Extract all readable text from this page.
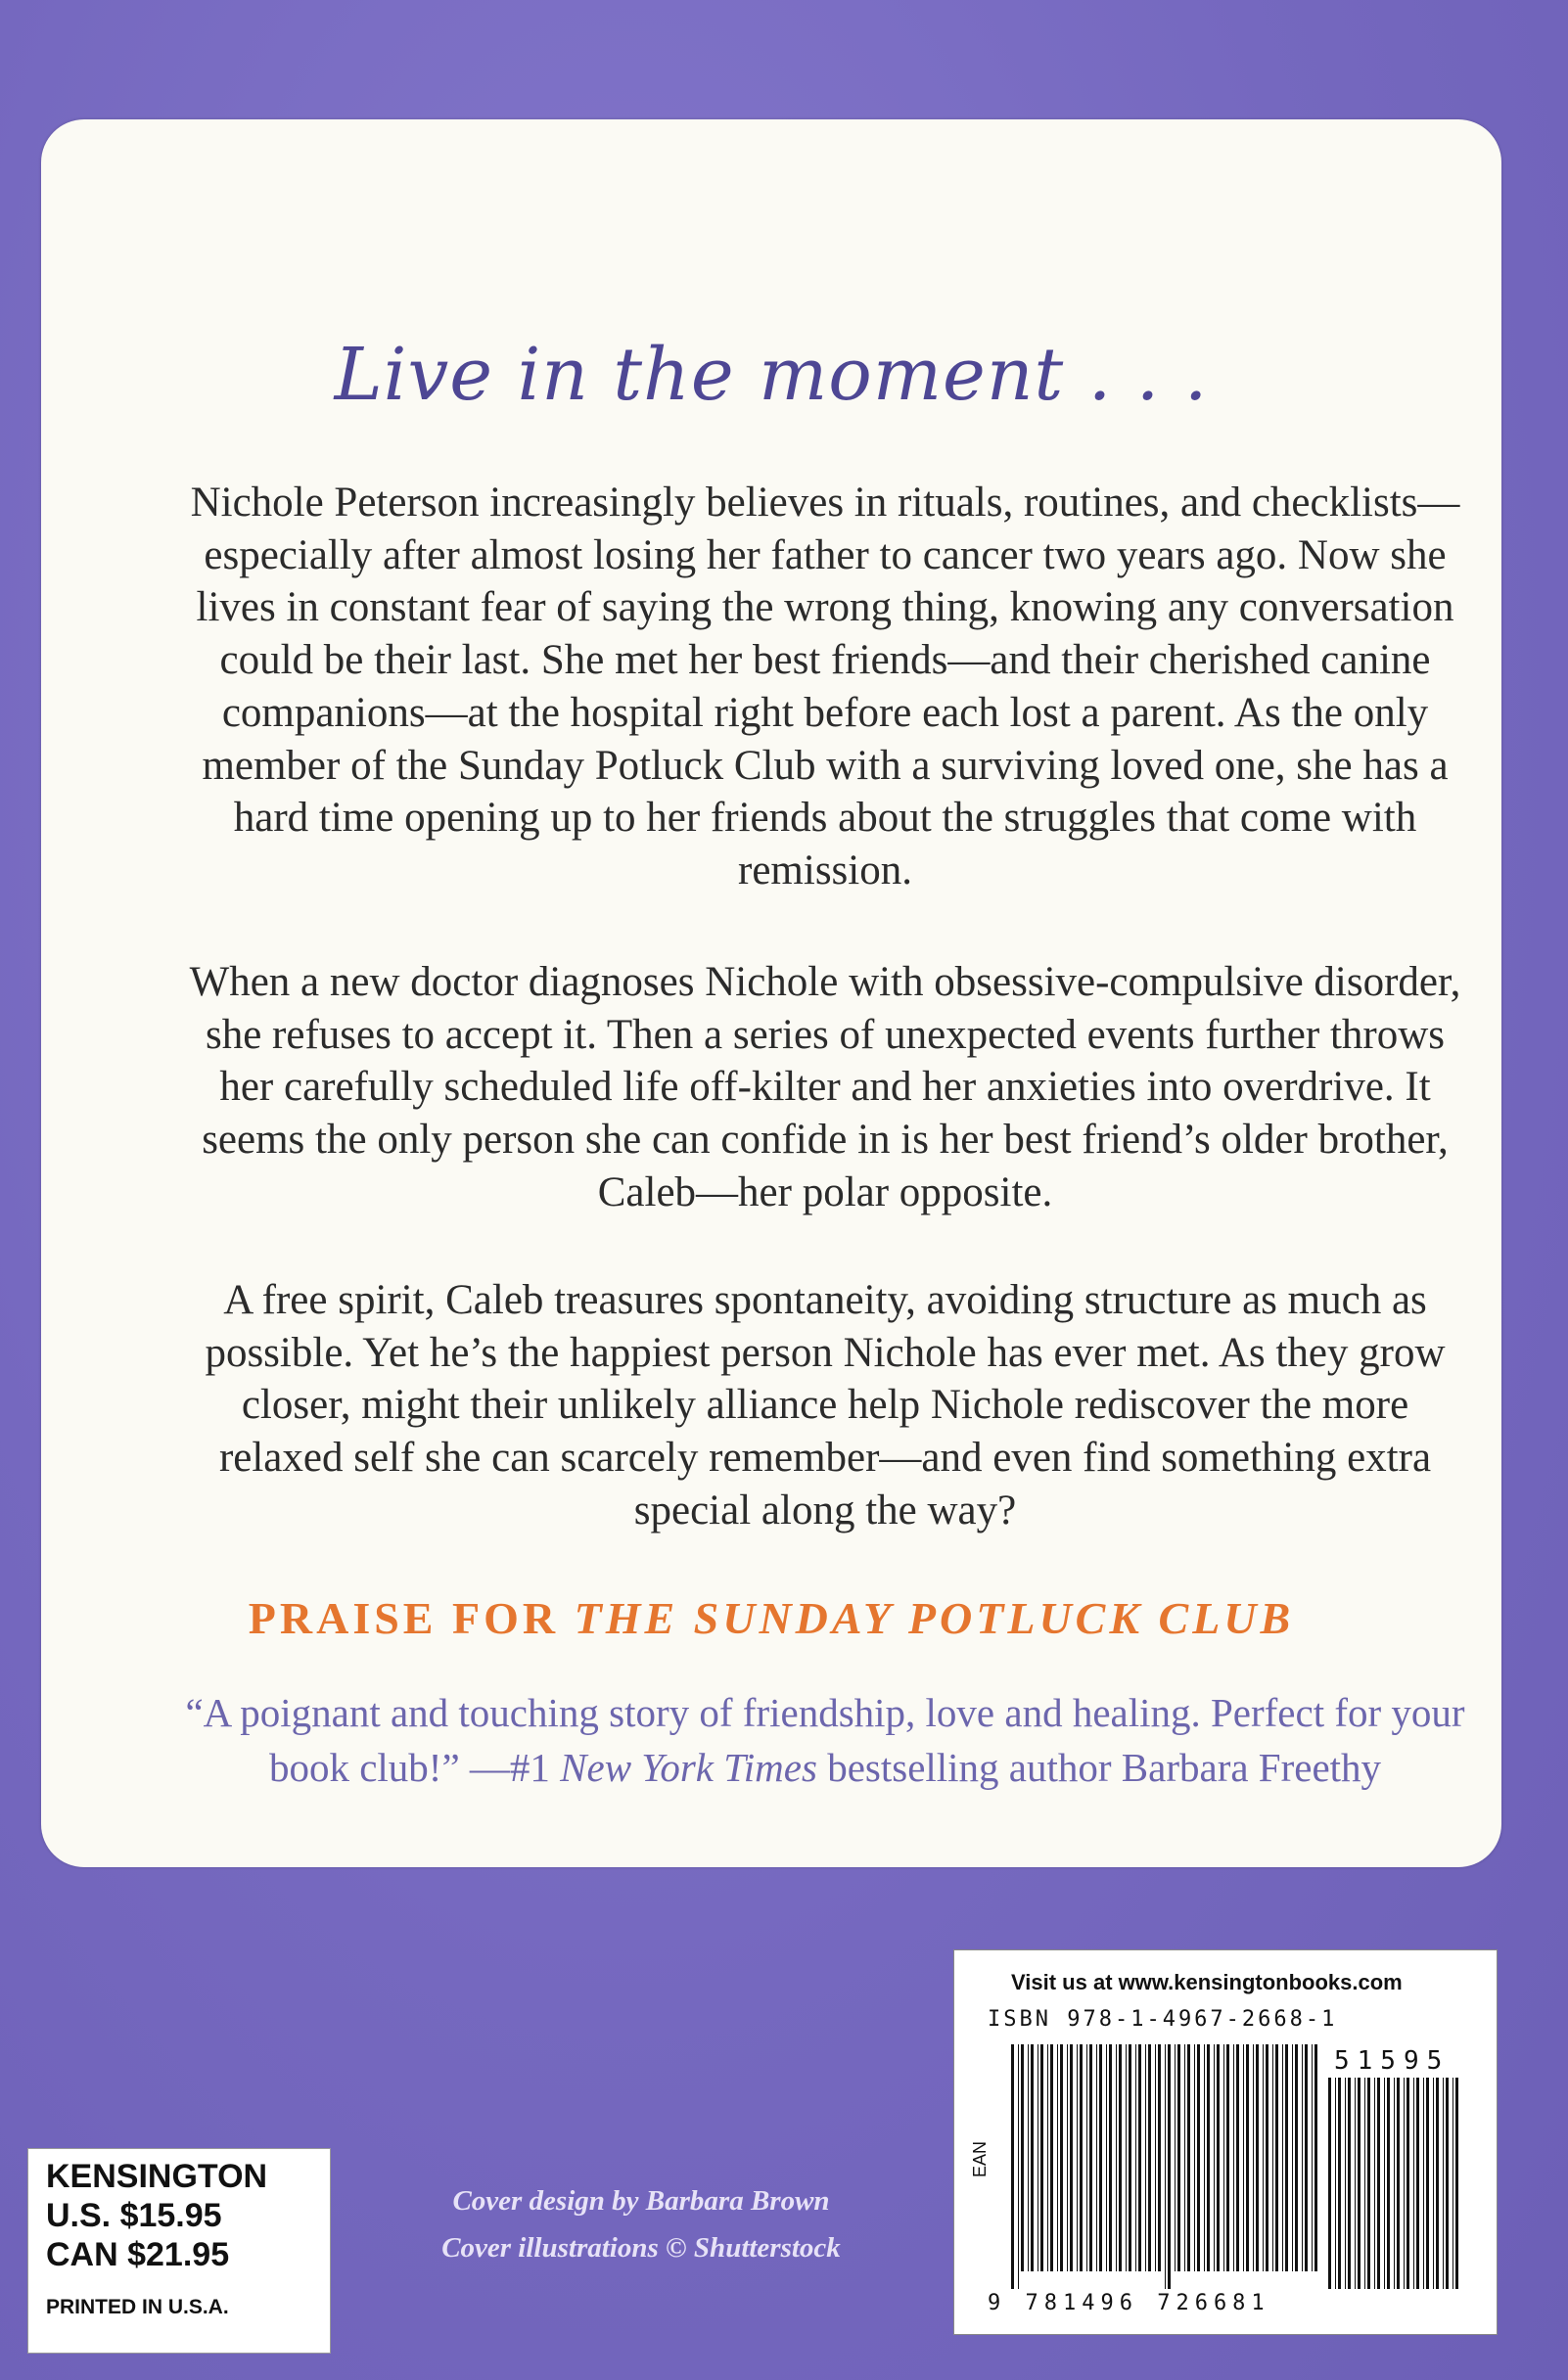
Live in the moment . . .
Nichole Peterson increasingly believes in rituals, routines, and checklists—especially after almost losing her father to cancer two years ago. Now she lives in constant fear of saying the wrong thing, knowing any conversation could be their last. She met her best friends—and their cherished canine companions—at the hospital right before each lost a parent. As the only member of the Sunday Potluck Club with a surviving loved one, she has a hard time opening up to her friends about the struggles that come with remission.
When a new doctor diagnoses Nichole with obsessive-compulsive disorder, she refuses to accept it. Then a series of unexpected events further throws her carefully scheduled life off-kilter and her anxieties into overdrive. It seems the only person she can confide in is her best friend’s older brother, Caleb—her polar opposite.
A free spirit, Caleb treasures spontaneity, avoiding structure as much as possible. Yet he’s the happiest person Nichole has ever met. As they grow closer, might their unlikely alliance help Nichole rediscover the more relaxed self she can scarcely remember—and even find something extra special along the way?
PRAISE FOR THE SUNDAY POTLUCK CLUB
“A poignant and touching story of friendship, love and healing. Perfect for your book club!” —#1 New York Times bestselling author Barbara Freethy
KENSINGTON
U.S. $15.95
CAN $21.95
PRINTED IN U.S.A.
Cover design by Barbara Brown
Cover illustrations © Shutterstock
Visit us at www.kensingtonbooks.com
ISBN 978-1-4967-2668-1
EAN
51595
9 781496 726681
